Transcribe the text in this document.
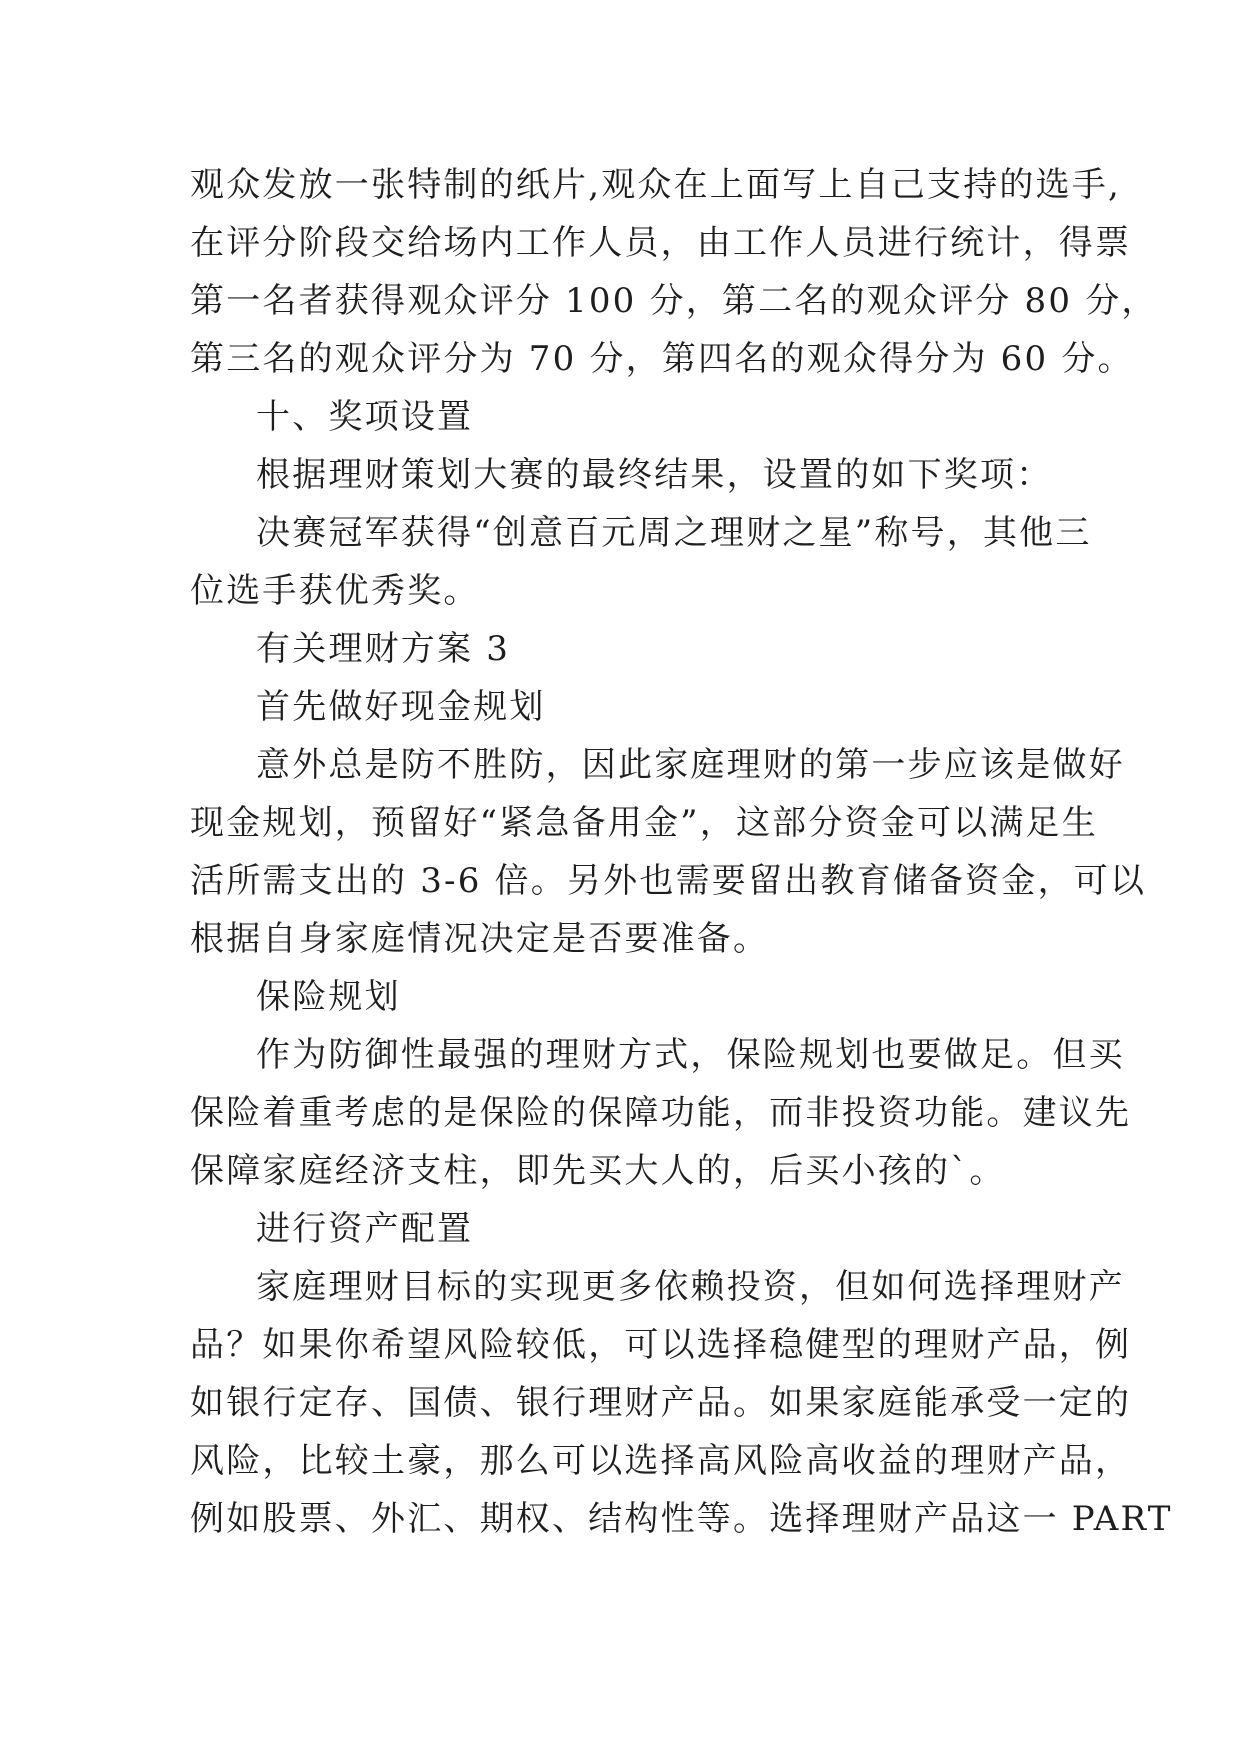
观众发放一张特制的纸片,观众在上面写上自己支持的选手,
在评分阶段交给场内工作人员，由工作人员进行统计，得票
第一名者获得观众评分 100 分，第二名的观众评分 80 分，
第三名的观众评分为 70 分，第四名的观众得分为 60 分。
十、奖项设置
根据理财策划大赛的最终结果，设置的如下奖项：
决赛冠军获得“创意百元周之理财之星”称号，其他三
位选手获优秀奖。
有关理财方案 3
首先做好现金规划
意外总是防不胜防，因此家庭理财的第一步应该是做好
现金规划，预留好“紧急备用金”，这部分资金可以满足生
活所需支出的 3-6 倍。另外也需要留出教育储备资金，可以
根据自身家庭情况决定是否要准备。
保险规划
作为防御性最强的理财方式，保险规划也要做足。但买
保险着重考虑的是保险的保障功能，而非投资功能。建议先
保障家庭经济支柱，即先买大人的，后买小孩的`。
进行资产配置
家庭理财目标的实现更多依赖投资，但如何选择理财产
品？如果你希望风险较低，可以选择稳健型的理财产品，例
如银行定存、国债、银行理财产品。如果家庭能承受一定的
风险，比较土豪，那么可以选择高风险高收益的理财产品，
例如股票、外汇、期权、结构性等。选择理财产品这一 PART
